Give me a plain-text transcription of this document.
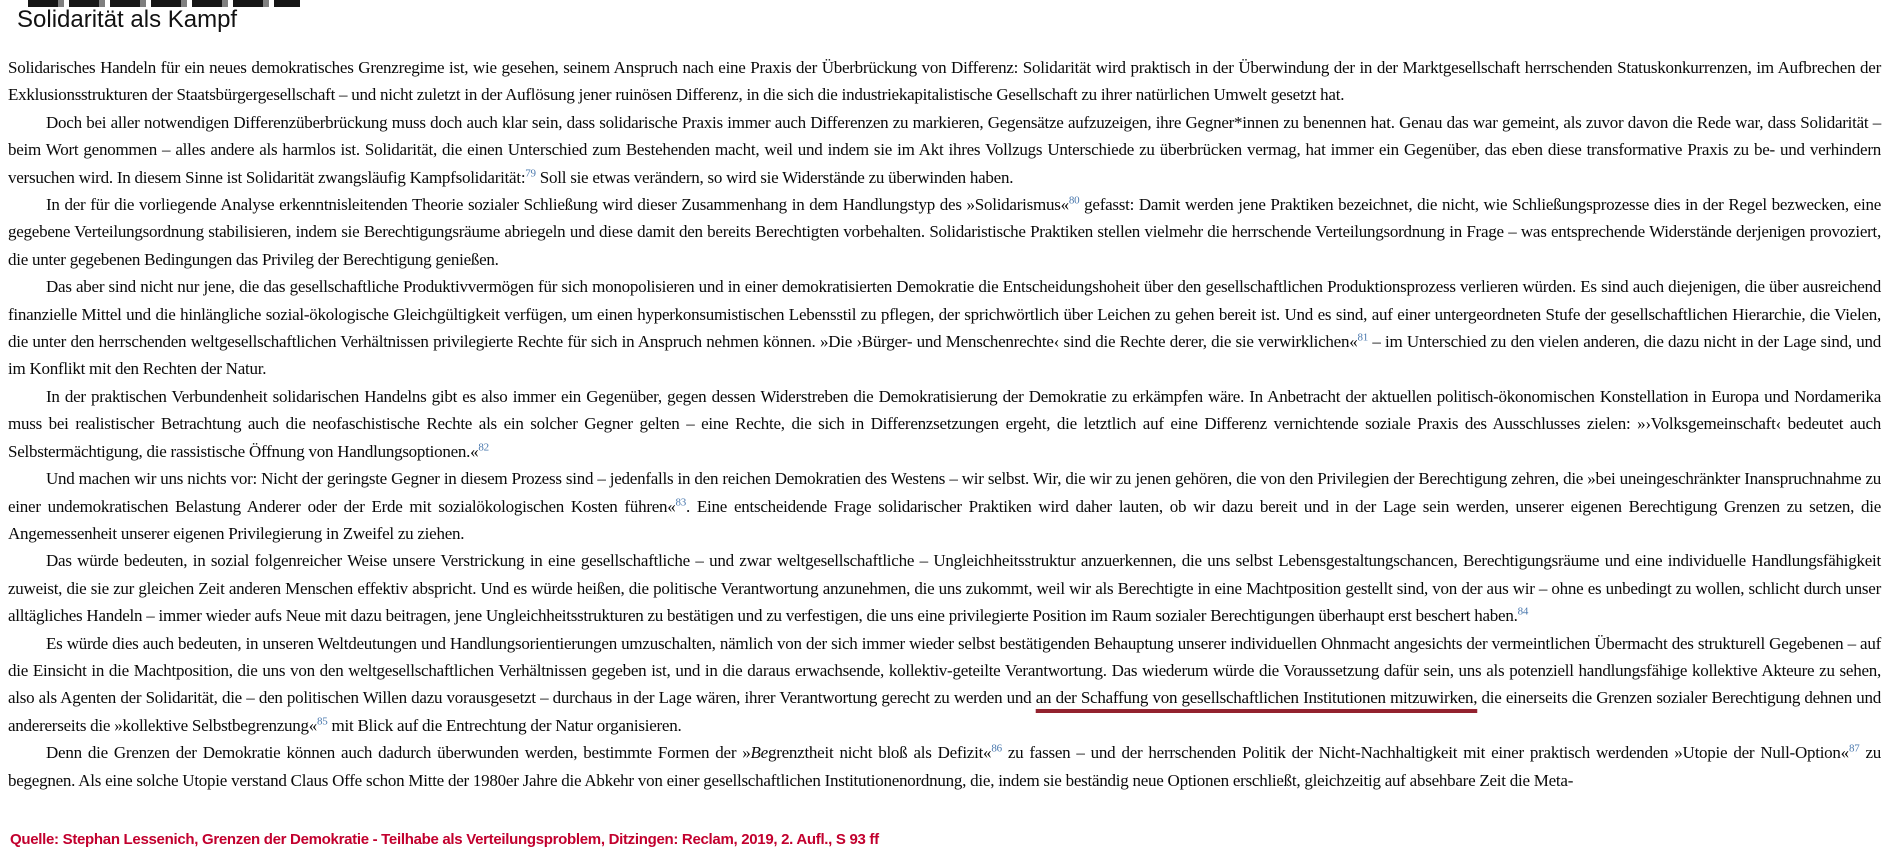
Solidarität als Kampf

Solidarisches Handeln für ein neues demokratisches Grenzregime ist, wie gesehen, seinem Anspruch nach eine Praxis der Überbrückung von Differenz: Solidarität wird praktisch in der Überwindung der in der Marktgesellschaft herrschenden Statuskonkurrenzen, im Aufbrechen der Exklusionsstrukturen der Staatsbürgergesellschaft – und nicht zuletzt in der Auflösung jener ruinösen Differenz, in die sich die industriekapitalistische Gesellschaft zu ihrer natürlichen Umwelt gesetzt hat.

Doch bei aller notwendigen Differenzüberbrückung muss doch auch klar sein, dass solidarische Praxis immer auch Differenzen zu markieren, Gegensätze aufzuzeigen, ihre Gegner*innen zu benennen hat. Genau das war gemeint, als zuvor davon die Rede war, dass Solidarität – beim Wort genommen – alles andere als harmlos ist. Solidarität, die einen Unterschied zum Bestehenden macht, weil und indem sie im Akt ihres Vollzugs Unterschiede zu überbrücken vermag, hat immer ein Gegenüber, das eben diese transformative Praxis zu be- und verhindern versuchen wird. In diesem Sinne ist Solidarität zwangsläufig Kampfsolidarität:$^{79}$ Soll sie etwas verändern, so wird sie Widerstände zu überwinden haben.

In der für die vorliegende Analyse erkenntnisleitenden Theorie sozialer Schließung wird dieser Zusammenhang in dem Handlungstyp des »Solidarismus«$^{80}$ gefasst: Damit werden jene Praktiken bezeichnet, die nicht, wie Schließungsprozesse dies in der Regel bezwecken, eine gegebene Verteilungsordnung stabilisieren, indem sie Berechtigungsräume abriegeln und diese damit den bereits Berechtigten vorbehalten. Solidaristische Praktiken stellen vielmehr die herrschende Verteilungsordnung in Frage – was entsprechende Widerstände derjenigen provoziert, die unter gegebenen Bedingungen das Privileg der Berechtigung genießen.

Das aber sind nicht nur jene, die das gesellschaftliche Produktivvermögen für sich monopolisieren und in einer demokratisierten Demokratie die Entscheidungshoheit über den gesellschaftlichen Produktionsprozess verlieren würden. Es sind auch diejenigen, die über ausreichend finanzielle Mittel und die hinlängliche sozial-ökologische Gleichgültigkeit verfügen, um einen hyperkonsumistischen Lebensstil zu pflegen, der sprichwörtlich über Leichen zu gehen bereit ist. Und es sind, auf einer untergeordneten Stufe der gesellschaftlichen Hierarchie, die Vielen, die unter den herrschenden weltgesellschaftlichen Verhältnissen privilegierte Rechte für sich in Anspruch nehmen können. »Die ›Bürger- und Menschenrechte‹ sind die Rechte derer, die sie verwirklichen«$^{81}$ – im Unterschied zu den vielen anderen, die dazu nicht in der Lage sind, und im Konflikt mit den Rechten der Natur.

In der praktischen Verbundenheit solidarischen Handelns gibt es also immer ein Gegenüber, gegen dessen Widerstreben die Demokratisierung der Demokratie zu erkämpfen wäre. In Anbetracht der aktuellen politisch-ökonomischen Konstellation in Europa und Nordamerika muss bei realistischer Betrachtung auch die neofaschistische Rechte als ein solcher Gegner gelten – eine Rechte, die sich in Differenzsetzungen ergeht, die letztlich auf eine Differenz vernichtende soziale Praxis des Ausschlusses zielen: »›Volksgemeinschaft‹ bedeutet auch Selbstermächtigung, die rassistische Öffnung von Handlungsoptionen.«$^{82}$

Und machen wir uns nichts vor: Nicht der geringste Gegner in diesem Prozess sind – jedenfalls in den reichen Demokratien des Westens – wir selbst. Wir, die wir zu jenen gehören, die von den Privilegien der Berechtigung zehren, die »bei uneingeschränkter Inanspruchnahme zu einer undemokratischen Belastung Anderer oder der Erde mit sozialökologischen Kosten führen«$^{83}$. Eine entscheidende Frage solidarischer Praktiken wird daher lauten, ob wir dazu bereit und in der Lage sein werden, unserer eigenen Berechtigung Grenzen zu setzen, die Angemessenheit unserer eigenen Privilegierung in Zweifel zu ziehen.

Das würde bedeuten, in sozial folgenreicher Weise unsere Verstrickung in eine gesellschaftliche – und zwar weltgesellschaftliche – Ungleichheitsstruktur anzuerkennen, die uns selbst Lebensgestaltungschancen, Berechtigungsräume und eine individuelle Handlungsfähigkeit zuweist, die sie zur gleichen Zeit anderen Menschen effektiv abspricht. Und es würde heißen, die politische Verantwortung anzunehmen, die uns zukommt, weil wir als Berechtigte in eine Machtposition gestellt sind, von der aus wir – ohne es unbedingt zu wollen, schlicht durch unser alltägliches Handeln – immer wieder aufs Neue mit dazu beitragen, jene Ungleichheitsstrukturen zu bestätigen und zu verfestigen, die uns eine privilegierte Position im Raum sozialer Berechtigungen überhaupt erst beschert haben.$^{84}$

Es würde dies auch bedeuten, in unseren Weltdeutungen und Handlungsorientierungen umzuschalten, nämlich von der sich immer wieder selbst bestätigenden Behauptung unserer individuellen Ohnmacht angesichts der vermeintlichen Übermacht des strukturell Gegebenen – auf die Einsicht in die Machtposition, die uns von den weltgesellschaftlichen Verhältnissen gegeben ist, und in die daraus erwachsende, kollektiv-geteilte Verantwortung. Das wiederum würde die Voraussetzung dafür sein, uns als potenziell handlungsfähige kollektive Akteure zu sehen, also als Agenten der Solidarität, die – den politischen Willen dazu vorausgesetzt – durchaus in der Lage wären, ihrer Verantwortung gerecht zu werden und an der Schaffung von gesellschaftlichen Institutionen mitzuwirken, die einerseits die Grenzen sozialer Berechtigung dehnen und andererseits die »kollektive Selbstbegrenzung«$^{85}$ mit Blick auf die Entrechtung der Natur organisieren.

Denn die Grenzen der Demokratie können auch dadurch überwunden werden, bestimmte Formen der »Begrenztheit nicht bloß als Defizit«$^{86}$ zu fassen – und der herrschenden Politik der Nicht-Nachhaltigkeit mit einer praktisch werdenden »Utopie der Null-Option«$^{87}$ zu begegnen. Als eine solche Utopie verstand Claus Offe schon Mitte der 1980er Jahre die Abkehr von einer gesellschaftlichen Institutionenordnung, die, indem sie beständig neue Optionen erschließt, gleichzeitig auf absehbare Zeit die Meta-

Quelle: Stephan Lessenich, Grenzen der Demokratie - Teilhabe als Verteilungsproblem, Ditzingen: Reclam, 2019, 2. Aufl., S 93 ff
